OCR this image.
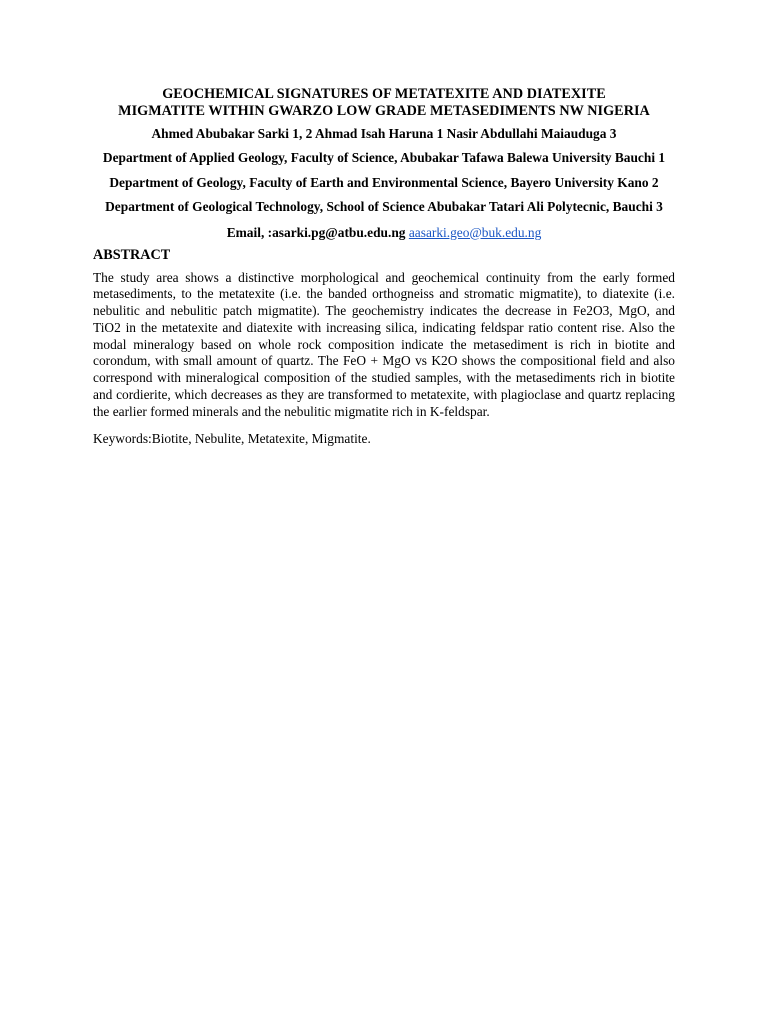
GEOCHEMICAL SIGNATURES OF METATEXITE AND DIATEXITE
MIGMATITE WITHIN GWARZO LOW GRADE METASEDIMENTS NW NIGERIA

Ahmed Abubakar Sarki 1, 2 Ahmad Isah Haruna 1 Nasir Abdullahi Maiauduga 3

Department of Applied Geology, Faculty of Science, Abubakar Tafawa Balewa University Bauchi 1

Department of Geology, Faculty of Earth and Environmental Science, Bayero University Kano 2

Department of Geological Technology, School of Science Abubakar Tatari Ali Polytecnic, Bauchi 3

Email, :asarki.pg@atbu.edu.ng aasarki.geo@buk.edu.ng

ABSTRACT

The study area shows a distinctive morphological and geochemical continuity from the early formed metasediments, to the metatexite (i.e. the banded orthogneiss and stromatic migmatite), to diatexite (i.e. nebulitic and nebulitic patch migmatite). The geochemistry indicates the decrease in Fe2O3, MgO, and TiO2 in the metatexite and diatexite with increasing silica, indicating feldspar ratio content rise. Also the modal mineralogy based on whole rock composition indicate the metasediment is rich in biotite and corondum, with small amount of quartz. The FeO + MgO vs K2O shows the compositional field and also correspond with mineralogical composition of the studied samples, with the metasediments rich in biotite and cordierite, which decreases as they are transformed to metatexite, with plagioclase and quartz replacing the earlier formed minerals and the nebulitic migmatite rich in K-feldspar.

Keywords:Biotite, Nebulite, Metatexite, Migmatite.
